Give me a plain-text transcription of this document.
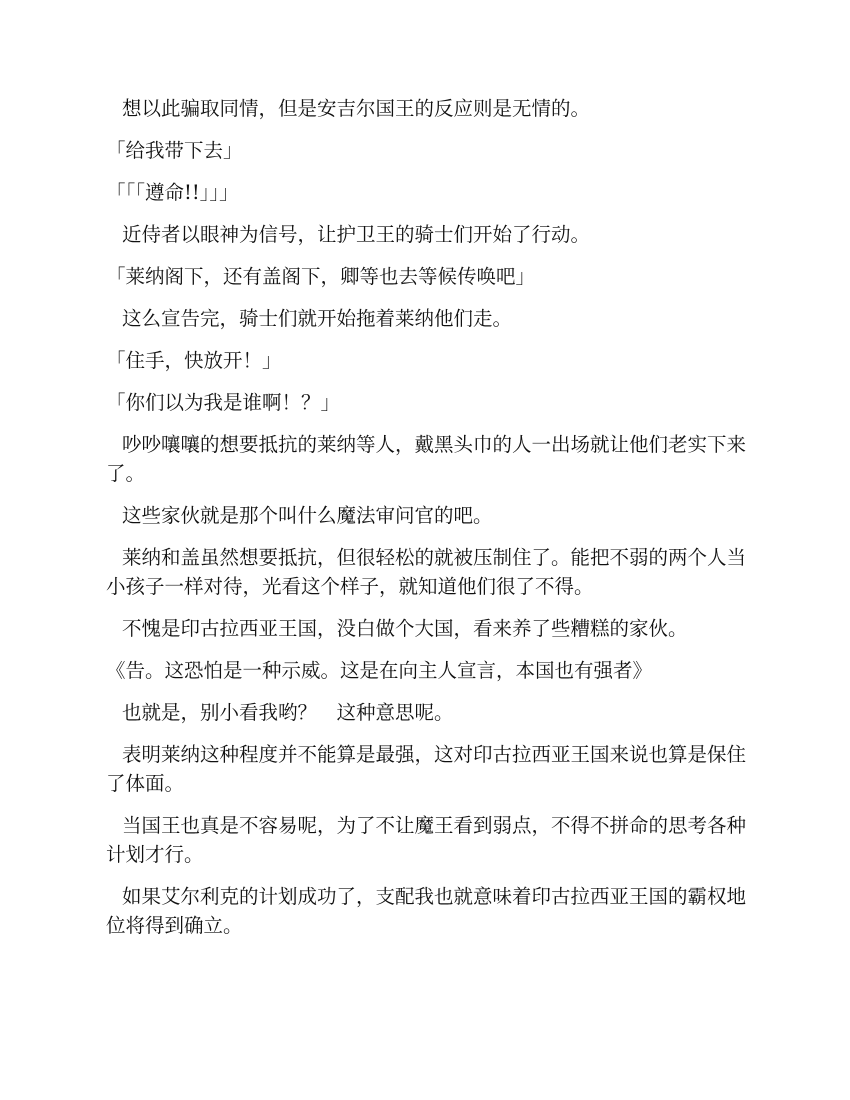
想以此骗取同情，但是安吉尔国王的反应则是无情的。

「给我带下去」

「「「遵命!!」」」

近侍者以眼神为信号，让护卫王的骑士们开始了行动。

「莱纳阁下，还有盖阁下，卿等也去等候传唤吧」

这么宣告完，骑士们就开始拖着莱纳他们走。

「住手，快放开！」

「你们以为我是谁啊！？」

吵吵嚷嚷的想要抵抗的莱纳等人，戴黑头巾的人一出场就让他们老实下来了。

这些家伙就是那个叫什么魔法审问官的吧。

莱纳和盖虽然想要抵抗，但很轻松的就被压制住了。能把不弱的两个人当小孩子一样对待，光看这个样子，就知道他们很了不得。

不愧是印古拉西亚王国，没白做个大国，看来养了些糟糕的家伙。

《告。这恐怕是一种示威。这是在向主人宣言，本国也有强者》

也就是，别小看我哟？　这种意思呢。

表明莱纳这种程度并不能算是最强，这对印古拉西亚王国来说也算是保住了体面。

当国王也真是不容易呢，为了不让魔王看到弱点，不得不拼命的思考各种计划才行。

如果艾尔利克的计划成功了，支配我也就意味着印古拉西亚王国的霸权地位将得到确立。
